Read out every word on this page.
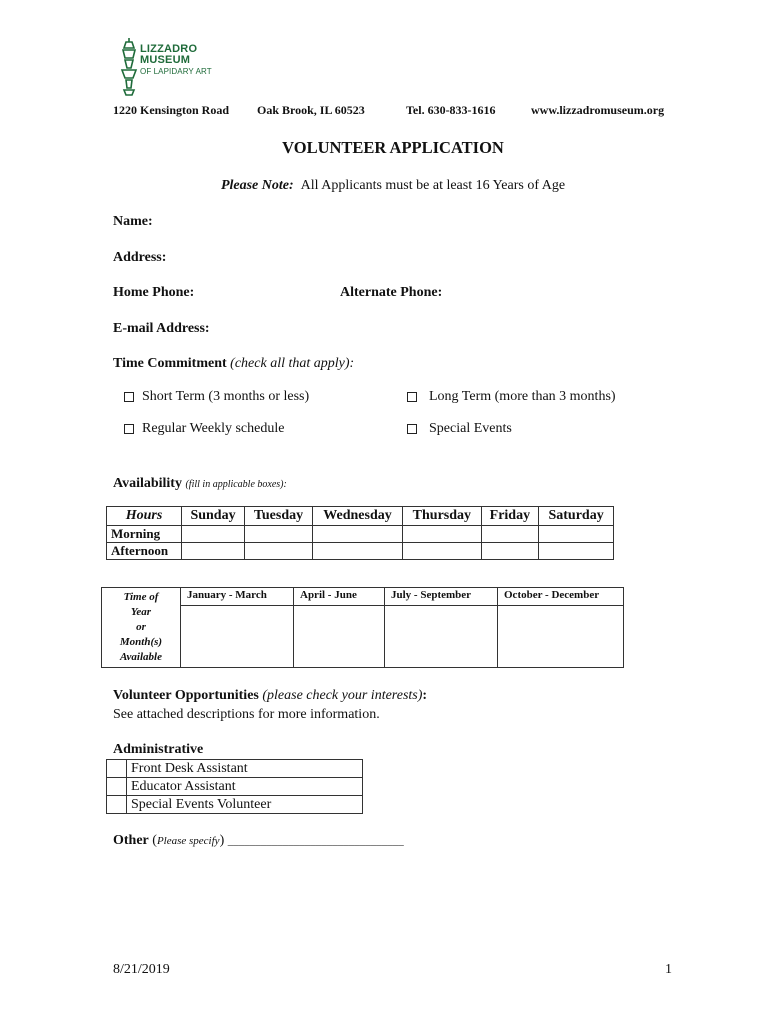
LIZZADRO
MUSEUM
OF LAPIDARY ART
1220 Kensington Road Oak Brook, IL 60523	Tel. 630-833-1616	www.lizzadromuseum.org
VOLUNTEER APPLICATION
Please Note: All Applicants must be at least 16 Years of Age
Name:
Address:
Home Phone:	Alternate Phone:
E-mail Address:
Time Commitment (check all that apply):
Short Term (3 months or less)	Long Term (more than 3 months)
Regular Weekly schedule	Special Events
Availability (fill in applicable boxes):
Hours	Sunday	Tuesday	Wednesday	Thursday	Friday	Saturday
Morning						
Afternoon						
Time of
Year
or
Month(s)
Available	January - March	April - June	July - September	October - December

Volunteer Opportunities (please check your interests):
See attached descriptions for more information.
Administrative
	Front Desk Assistant
	Educator Assistant
	Special Events Volunteer
Other (Please specify) ________________________________
8/21/2019	1
